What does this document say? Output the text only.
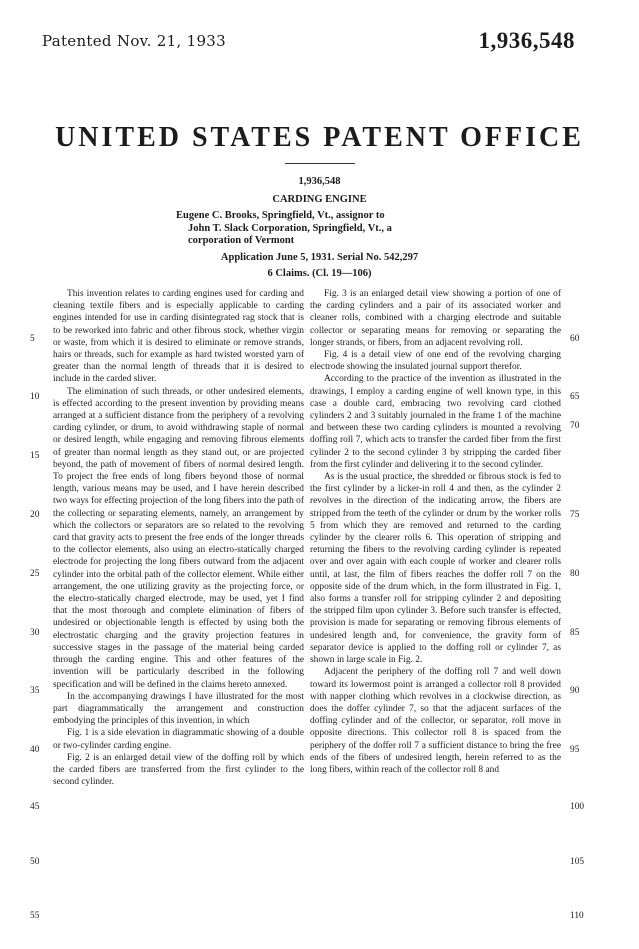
Patented Nov. 21, 1933	1,936,548
UNITED STATES PATENT OFFICE
1,936,548
CARDING ENGINE
Eugene C. Brooks, Springfield, Vt., assignor to
John T. Slack Corporation, Springfield, Vt., a
corporation of Vermont
Application June 5, 1931. Serial No. 542,297
6 Claims. (Cl. 19—106)

This invention relates to carding engines used for carding and cleaning textile fibers and is especially applicable to carding engines intended for use in carding disintegrated rag stock that is to be reworked into fabric and other fibrous stock, whether virgin or waste, from which it is desired to eliminate or remove strands, hairs or threads, such for example as hard twisted worsted yarn of greater than the normal length of threads that it is desired to include in the carded sliver.

The elimination of such threads, or other undesired elements, is effected according to the present invention by providing means arranged at a sufficient distance from the periphery of a revolving carding cylinder, or drum, to avoid withdrawing staple of normal or desired length, while engaging and removing fibrous elements of greater than normal length as they stand out, or are projected beyond, the path of movement of fibers of normal desired length. To project the free ends of long fibers beyond those of normal length, various means may be used, and I have herein described two ways for effecting projection of the long fibers into the path of the collecting or separating elements, namely, an arrangement by which the collectors or separators are so related to the revolving card that gravity acts to present the free ends of the longer threads to the collector elements, also using an electro-statically charged electrode for projecting the long fibers outward from the adjacent cylinder into the orbital path of the collector element. While either arrangement, the one utilizing gravity as the projecting force, or the electro-statically charged electrode, may be used, yet I find that the most thorough and complete elimination of fibers of undesired or objectionable length is effected by using both the electrostatic charging and the gravity projection features in successive stages in the passage of the material being carded through the carding engine. This and other features of the invention will be particularly described in the following specification and will be defined in the claims hereto annexed.

In the accompanying drawings I have illustrated for the most part diagrammatically the arrangement and construction embodying the principles of this invention, in which

Fig. 1 is a side elevation in diagrammatic showing of a double or two-cylinder carding engine.

Fig. 2 is an enlarged detail view of the doffing roll by which the carded fibers are transferred from the first cylinder to the second cylinder.

Fig. 3 is an enlarged detail view showing a portion of one of the carding cylinders and a pair of its associated worker and cleaner rolls, combined with a charging electrode and suitable collector or separating means for removing or separating the longer strands, or fibers, from an adjacent revolving roll.

Fig. 4 is a detail view of one end of the revolving charging electrode showing the insulated journal support therefor.

According to the practice of the invention as illustrated in the drawings, I employ a carding engine of well known type, in this case a double card, embracing two revolving card clothed cylinders 2 and 3 suitably journaled in the frame 1 of the machine and between these two carding cylinders is mounted a revolving doffing roll 7, which acts to transfer the carded fiber from the first cylinder 2 to the second cylinder 3 by stripping the carded fiber from the first cylinder and delivering it to the second cylinder.

As is the usual practice, the shredded or fibrous stock is fed to the first cylinder by a licker-in roll 4 and then, as the cylinder 2 revolves in the direction of the indicating arrow, the fibers are stripped from the teeth of the cylinder or drum by the worker rolls 5 from which they are removed and returned to the carding cylinder by the clearer rolls 6. This operation of stripping and returning the fibers to the revolving carding cylinder is repeated over and over again with each couple of worker and clearer rolls until, at last, the film of fibers reaches the doffer roll 7 on the opposite side of the drum which, in the form illustrated in Fig. 1, also forms a transfer roll for stripping cylinder 2 and depositing the stripped film upon cylinder 3. Before such transfer is effected, provision is made for separating or removing fibrous elements of undesired length and, for convenience, the gravity form of separator device is applied to the doffing roll or cylinder 7, as shown in large scale in Fig. 2.

Adjacent the periphery of the doffing roll 7 and well down toward its lowermost point is arranged a collector roll 8 provided with napper clothing which revolves in a clockwise direction, as does the doffer cylinder 7, so that the adjacent surfaces of the doffing cylinder and of the collector, or separator, roll move in opposite directions. This collector roll 8 is spaced from the periphery of the doffer roll 7 a sufficient distance to bring the free ends of the fibers of undesired length, herein referred to as the long fibers, within reach of the collector roll 8 and

5
10
15
20
25
30
35
40
45
50
55
60
65
70
75
80
85
90
95
100
105
110
